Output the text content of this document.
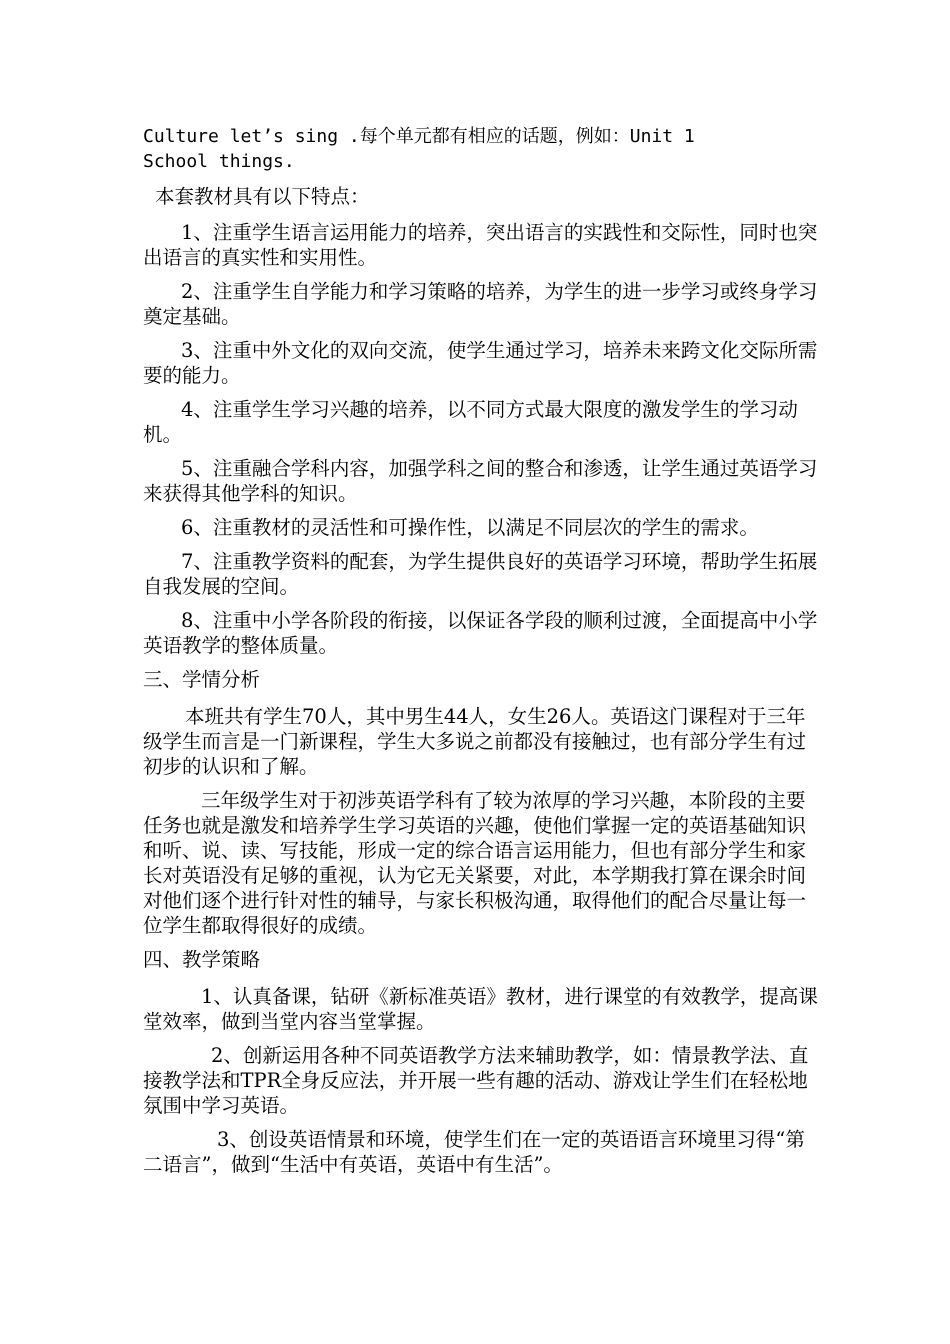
Culture let’s sing .每个单元都有相应的话题，例如：Unit 1
School things.

本套教材具有以下特点：

1、注重学生语言运用能力的培养，突出语言的实践性和交际性，同时也突出语言的真实性和实用性。

2、注重学生自学能力和学习策略的培养，为学生的进一步学习或终身学习奠定基础。

3、注重中外文化的双向交流，使学生通过学习，培养未来跨文化交际所需要的能力。

4、注重学生学习兴趣的培养，以不同方式最大限度的激发学生的学习动机。

5、注重融合学科内容，加强学科之间的整合和渗透，让学生通过英语学习来获得其他学科的知识。

6、注重教材的灵活性和可操作性，以满足不同层次的学生的需求。

7、注重教学资料的配套，为学生提供良好的英语学习环境，帮助学生拓展自我发展的空间。

8、注重中小学各阶段的衔接，以保证各学段的顺利过渡，全面提高中小学英语教学的整体质量。

三、学情分析

本班共有学生70人，其中男生44人，女生26人。英语这门课程对于三年级学生而言是一门新课程，学生大多说之前都没有接触过，也有部分学生有过初步的认识和了解。

三年级学生对于初涉英语学科有了较为浓厚的学习兴趣，本阶段的主要任务也就是激发和培养学生学习英语的兴趣，使他们掌握一定的英语基础知识和听、说、读、写技能，形成一定的综合语言运用能力，但也有部分学生和家长对英语没有足够的重视，认为它无关紧要，对此，本学期我打算在课余时间对他们逐个进行针对性的辅导，与家长积极沟通，取得他们的配合尽量让每一位学生都取得很好的成绩。

四、教学策略

1、认真备课，钻研《新标准英语》教材，进行课堂的有效教学，提高课堂效率，做到当堂内容当堂掌握。

2、创新运用各种不同英语教学方法来辅助教学，如：情景教学法、直接教学法和TPR全身反应法，并开展一些有趣的活动、游戏让学生们在轻松地氛围中学习英语。

3、创设英语情景和环境，使学生们在一定的英语语言环境里习得“第二语言”，做到“生活中有英语，英语中有生活”。
